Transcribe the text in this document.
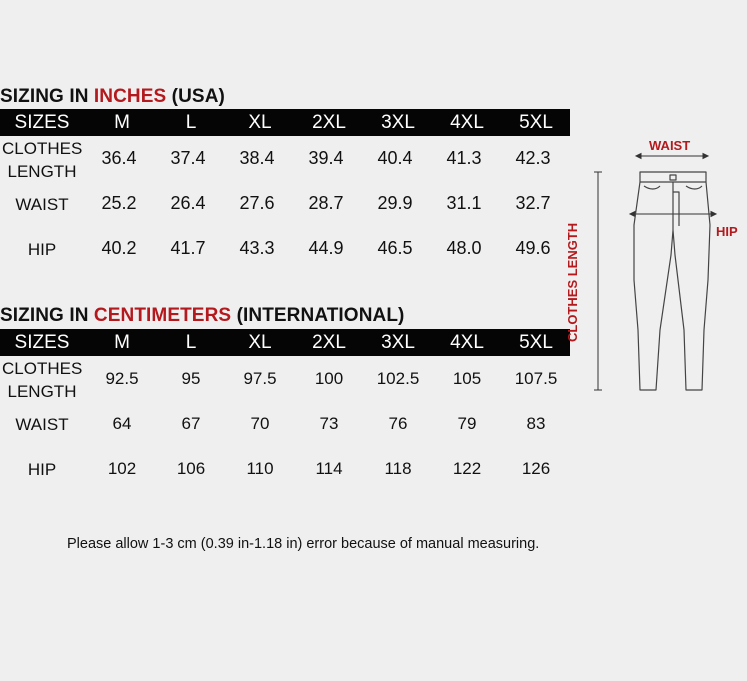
SIZING IN INCHES (USA)
SIZES M	L	XL 2XL 3XL 4XL 5XL
CLOTHES LENGTH
36.4 37.4 38.4 39.4 40.4 41.3 42.3
WAIST	25.2 26.4 27.6 28.7 29.9 31.1 32.7
HIP	40.2 41.7 43.3 44.9 46.5 48.0 49.6
SIZING IN CENTIMETERS (INTERNATIONAL)
SIZES M	L	XL 2XL 3XL 4XL 5XL
CLOTHES LENGTH
92.5	95	97.5 100 102.5 105 107.5
WAIST	64	67	70	73	76	79	83
HIP	102 106 110 114 118 122 126
WAIST
HIP
CLOTHES LENGTH
Please allow 1-3 cm (0.39 in-1.18 in) error because of manual measuring.
